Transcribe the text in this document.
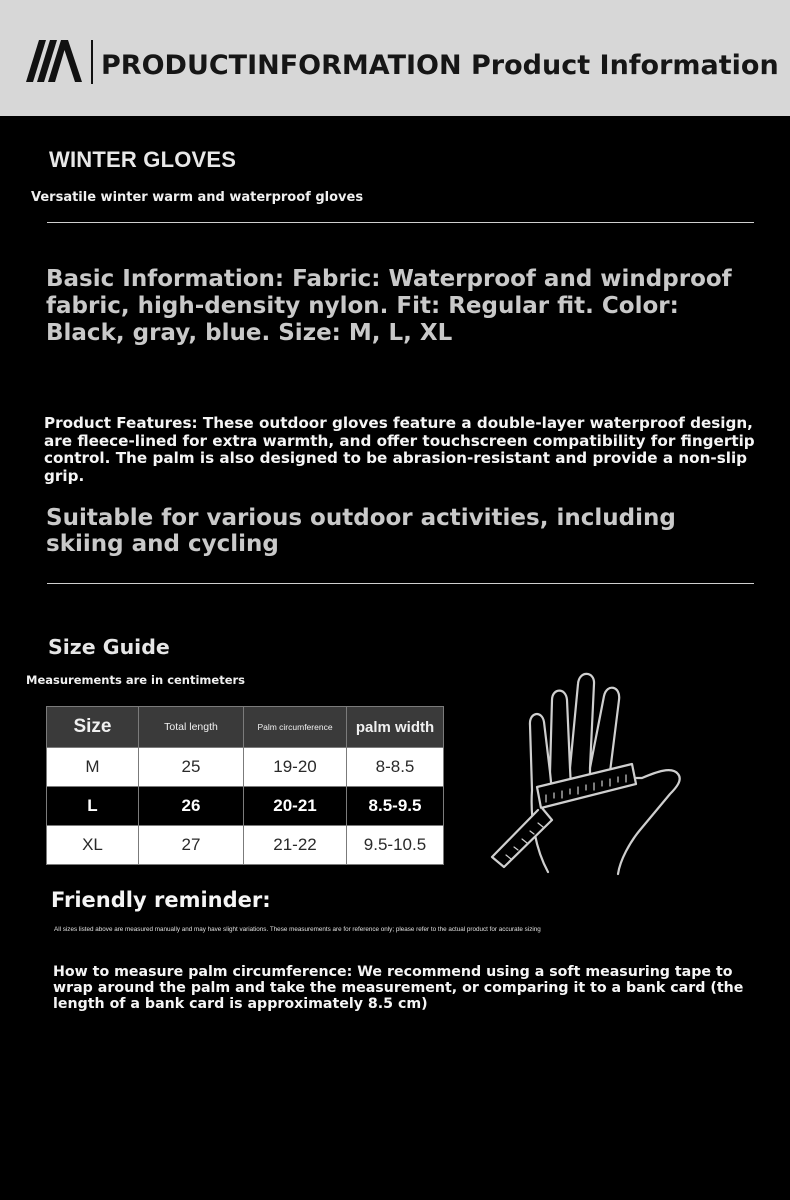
PRODUCTINFORMATION Product Information
WINTER GLOVES

Versatile winter warm and waterproof gloves

Basic Information: Fabric: Waterproof and windproof fabric, high-density nylon. Fit: Regular fit. Color: Black, gray, blue. Size: M, L, XL

Product Features: These outdoor gloves feature a double-layer waterproof design, are fleece-lined for extra warmth, and offer touchscreen compatibility for fingertip control. The palm is also designed to be abrasion-resistant and provide a non-slip grip.

Suitable for various outdoor activities, including skiing and cycling

Size Guide

Measurements are in centimeters

Size	Total length	Palm circumference	palm width
M	25	19-20	8-8.5
L	26	20-21	8.5-9.5
XL	27	21-22	9.5-10.5
Friendly reminder:

All sizes listed above are measured manually and may have slight variations. These measurements are for reference only; please refer to the actual product for accurate sizing

How to measure palm circumference: We recommend using a soft measuring tape to wrap around the palm and take the measurement, or comparing it to a bank card (the length of a bank card is approximately 8.5 cm)
